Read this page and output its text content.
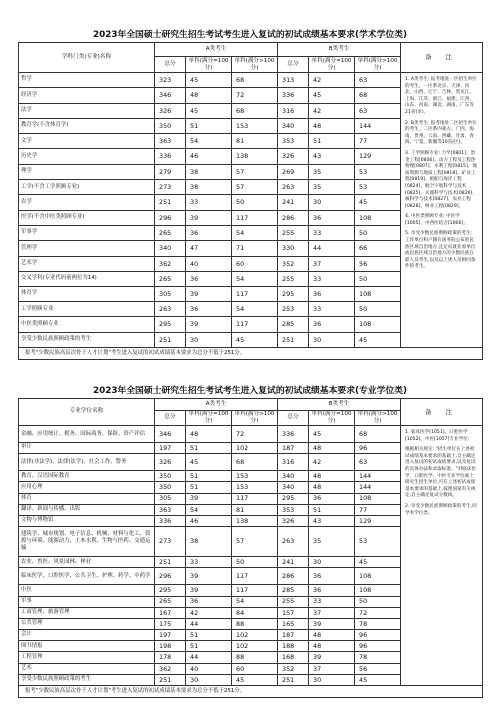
2023年全国硕士研究生招生考试考生进入复试的初试成绩基本要求(学术学位类)
学科门类(专业)名称	A类考生			B类考生			备 注
	总分	单科(满分=100分)	单科(满分>100分)	总分	单科(满分=100分)	单科(满分>100分)	
哲学	323	45	68	313	42	63	1. A类考生: 报考地处一区招生单位的考生。一区系北京、天津、河北、山西、辽宁、吉林、黑龙江、上海、江苏、浙江、福建、江西、山东、河南、湖北、湖南、广东等21省(市)。

2. B类考生: 报考地处二区招生单位的考生。二区系内蒙古、广西、海南、贵州、云南、西藏、甘肃、青海、宁夏、新疆等10省(区)。

3. 工学照顾专业: 力学[0801]、冶金工程[0806]、动力工程及工程热物理[0807]、水利工程[0815]、地质资源与地质工程[0818]、矿业工程[0819]、船舶与海洋工程[0824]、航空宇航科学与技术[0825]、兵器科学与技术[0826]、核科学与技术[0827]、农业工程[0828]、林业工程[0829]。

4. 中医类照顾专业: 中医学[1005]、中西医结合[1006]。

5. 享受少数民族照顾政策的考生: 工作单位和户籍在国务院公布的民族区域自治地方,且定向就业原单位或民族区域自治地方的少数民族在职人员考生,以及以上述人员相同条件的考生。

经济学	346	48	72	336	45	68	
法学	326	45	68	316	42	63	
教育学(不含体育学)	350	51	153	340	48	144	
文学	363	54	81	353	51	77	
历史学	336	46	138	326	43	129	
理学	279	38	57	269	35	53	
工学(不含工学照顾专业)	273	38	57	263	35	53	
农学	251	33	50	241	30	45	
医学(不含中医类照顾专业)	296	39	117	286	36	108	
军事学	265	36	54	255	33	50	
管理学	340	47	71	330	44	66	
艺术学	362	40	60	352	37	56	
交叉学科(专业代码前两位为14)	265	36	54	255	33	50	
体育学	305	39	117	295	36	108	
工学照顾专业	263	36	54	253	33	50	
中医类照顾专业	295	39	117	285	36	108	
享受少数民族照顾政策的考生	251	30	45	251	30	45	
报考"少数民族高层次骨干人才计划"考生进入复试的初试成绩基本要求为总分不低于251分。							
2023年全国硕士研究生招生考试考生进入复试的初试成绩基本要求(专业学位类)
专业学位名称	A类考生			B类考生			备 注
	总分	单科(满分=100分)	单科(满分>100分)	总分	单科(满分=100分)	单科(满分>100分)	
金融、应用统计、税务、国际商务、保险、资产评估	346	48	72	336	45	68	1. 临床医学[1051]、口腔医学[1052]、中医[1057]专业学位:

根据相关规定: "招生单位在上述初试成绩基本要求的基础上,自主确定进入复试的初试成绩要求,以及复试的具体办法和录取标准。"对临床医学、口腔医学、中医专业学位硕士研究生招生单位,可在上述初试成绩基本要求的基础上,按照国家有关规定,自主确定复试分数线。

2. 享受少数民族照顾政策的考生,同学术学位类。

审计	197	51	102	187	48	96	
法律(非法学)、法律(法学)、社会工作、警务	326	45	68	316	42	63	
教育、汉语国际教育	350	51	153	340	48	144	
应用心理	350	51	153	340	48	144	
体育	305	39	117	295	36	108	
翻译、新闻与传播、出版	363	54	81	353	51	77	
文物与博物馆	336	46	138	326	43	129	
建筑学、城市规划、电子信息、机械、材料与化工、资源与环境、能源动力、土木水利、生物与医药、交通运输	273	38	57	263	35	53	
农业、兽医、风景园林、林业	251	33	50	241	30	45	
临床医学、口腔医学、公共卫生、护理、药学、中药学	296	39	117	286	36	108	
中医	295	39	117	285	36	108	
军事	265	36	54	255	33	50	
工商管理、旅游管理	167	42	84	157	37	72	
公共管理	175	44	88	165	39	78	
会计	197	51	102	187	48	96	
图书情报	198	51	102	188	48	96	
工程管理	178	44	88	168	39	78	
艺术	362	40	60	352	37	56	
享受少数民族照顾政策的考生	251	30	45	251	30	45	
报考"少数民族高层次骨干人才计划"考生进入复试的初试成绩基本要求为总分不低于251分。							
